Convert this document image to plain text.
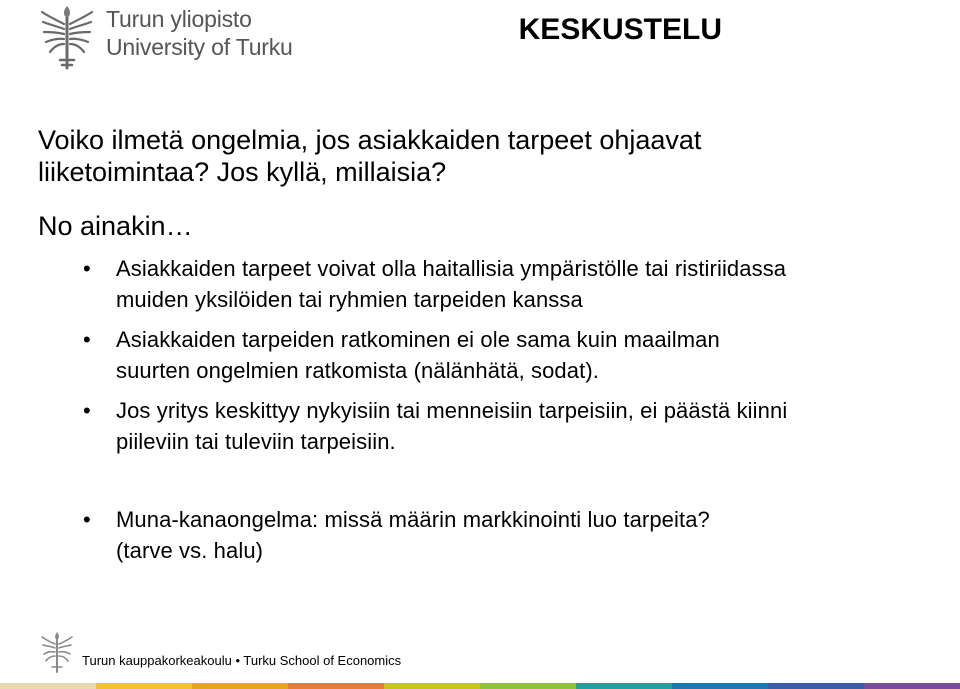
Turun yliopisto
University of Turku
KESKUSTELU
Voiko ilmetä ongelmia, jos asiakkaiden tarpeet ohjaavat
liiketoimintaa? Jos kyllä, millaisia?
No ainakin…
• Asiakkaiden tarpeet voivat olla haitallisia ympäristölle tai ristiriidassa
muiden yksilöiden tai ryhmien tarpeiden kanssa
• Asiakkaiden tarpeiden ratkominen ei ole sama kuin maailman
suurten ongelmien ratkomista (nälänhätä, sodat).
• Jos yritys keskittyy nykyisiin tai menneisiin tarpeisiin, ei päästä kiinni
piileviin tai tuleviin tarpeisiin.
• Muna-kanaongelma: missä määrin markkinointi luo tarpeita?
(tarve vs. halu)
Turun kauppakorkeakoulu • Turku School of Economics
